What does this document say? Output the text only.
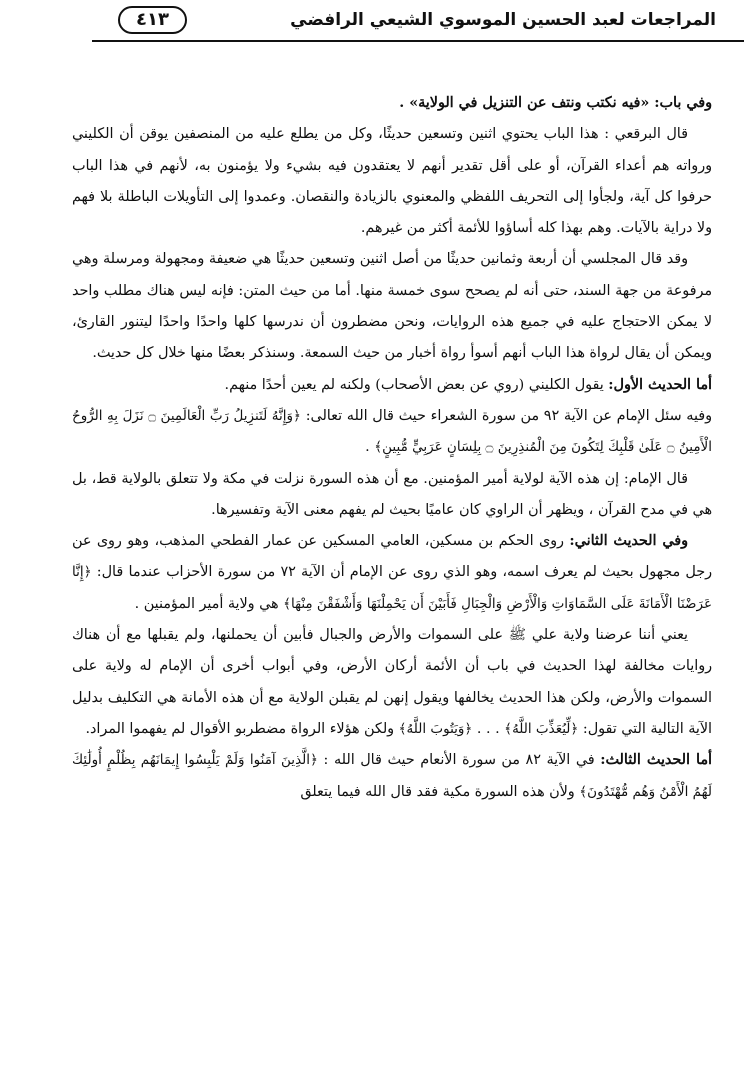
المراجعات لعبد الحسين الموسوي الشيعي الرافضي
٤١٣

وفي باب: «فيه نكتب ونتف عن التنزيل في الولاية» .

قال البرقعي : هذا الباب يحتوي اثنين وتسعين حديثًا، وكل من يطلع عليه من المنصفين يوقن أن الكليني ورواته هم أعداء القرآن، أو على أقل تقدير أنهم لا يعتقدون فيه بشيء ولا يؤمنون به، لأنهم في هذا الباب حرفوا كل آية، ولجأوا إلى التحريف اللفظي والمعنوي بالزيادة والنقصان. وعمدوا إلى التأويلات الباطلة بلا فهم ولا دراية بالآيات. وهم بهذا كله أساؤوا للأئمة أكثر من غيرهم.

وقد قال المجلسي أن أربعة وثمانين حديثًا من أصل اثنين وتسعين حديثًا هي ضعيفة ومجهولة ومرسلة وهي مرفوعة من جهة السند، حتى أنه لم يصحح سوى خمسة منها. أما من حيث المتن: فإنه ليس هناك مطلب واحد لا يمكن الاحتجاج عليه في جميع هذه الروايات، ونحن مضطرون أن ندرسها كلها واحدًا واحدًا ليتنور القارئ، ويمكن أن يقال لرواة هذا الباب أنهم أسوأ رواة أخبار من حيث السمعة. وسنذكر بعضًا منها خلال كل حديث.

أما الحديث الأول: يقول الكليني (روي عن بعض الأصحاب) ولكنه لم يعين أحدًا منهم.

وفيه سئل الإمام عن الآية ٩٢ من سورة الشعراء حيث قال الله تعالى: ﴿وَإِنَّهُ لَتَنزِيلُ رَبِّ الْعَالَمِينَ ۝ نَزَلَ بِهِ الرُّوحُ الْأَمِينُ ۝ عَلَىٰ قَلْبِكَ لِتَكُونَ مِنَ الْمُنذِرِينَ ۝ بِلِسَانٍ عَرَبِيٍّ مُّبِينٍ﴾ .

قال الإمام: إن هذه الآية لولاية أمير المؤمنين. مع أن هذه السورة نزلت في مكة ولا تتعلق بالولاية قط، بل هي في مدح القرآن ، ويظهر أن الراوي كان عاميًا بحيث لم يفهم معنى الآية وتفسيرها.

وفي الحديث الثاني: روى الحكم بن مسكين، العامي المسكين عن عمار الفطحي المذهب، وهو روى عن رجل مجهول بحيث لم يعرف اسمه، وهو الذي روى عن الإمام أن الآية ٧٢ من سورة الأحزاب عندما قال: ﴿إِنَّا عَرَضْنَا الْأَمَانَةَ عَلَى السَّمَاوَاتِ وَالْأَرْضِ وَالْجِبَالِ فَأَبَيْنَ أَن يَحْمِلْنَهَا وَأَشْفَقْنَ مِنْهَا﴾ هي ولاية أمير المؤمنين .

يعني أننا عرضنا ولاية علي ﷺ على السموات والأرض والجبال فأبين أن يحملنها، ولم يقبلها مع أن هناك روايات مخالفة لهذا الحديث في باب أن الأئمة أركان الأرض، وفي أبواب أخرى أن الإمام له ولاية على السموات والأرض، ولكن هذا الحديث يخالفها ويقول إنهن لم يقبلن الولاية مع أن هذه الأمانة هي التكليف بدليل الآية التالية التي تقول: ﴿لِّيُعَذِّبَ اللَّهُ﴾ . . . ﴿وَيَتُوبَ اللَّهُ﴾ ولكن هؤلاء الرواة مضطربو الأقوال لم يفهموا المراد.

أما الحديث الثالث: في الآية ٨٢ من سورة الأنعام حيث قال الله : ﴿الَّذِينَ آمَنُوا وَلَمْ يَلْبِسُوا إِيمَانَهُم بِظُلْمٍ أُولَٰئِكَ لَهُمُ الْأَمْنُ وَهُم مُّهْتَدُونَ﴾ ولأن هذه السورة مكية فقد قال الله فيما يتعلق
